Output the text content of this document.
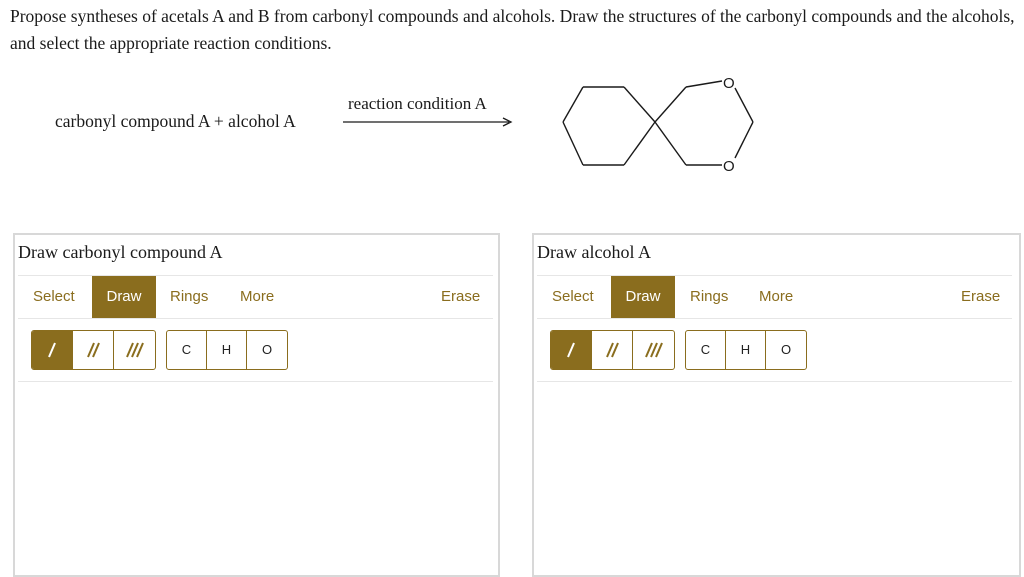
Propose syntheses of acetals A and B from carbonyl compounds and alcohols. Draw the structures of the carbonyl compounds and the alcohols, and select the appropriate reaction conditions.
carbonyl compound A + alcohol A
reaction condition A
O
O
Draw carbonyl compound A
Select	Draw	Rings More	Erase
C	H	O
Draw alcohol A
Select	Draw	Rings More	Erase
C	H	O
